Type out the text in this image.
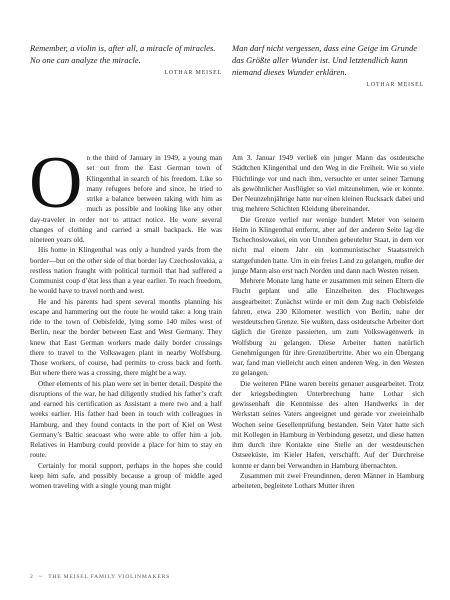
Remember, a violin is, after all, a miracle of miracles. No one can analyze the miracle.
LOTHAR MEISEL
Man darf nicht vergessen, dass eine Geige im Grunde das Größte aller Wunder ist. Und letztendlich kann niemand dieses Wunder erklären.
LOTHAR MEISEL

On the third of January in 1949, a young man set out from the East German town of Klingenthal in search of his freedom. Like so many refugees before and since, he tried to strike a balance between taking with him as much as possible and looking like any other day-traveler in order not to attract notice. He wore several changes of clothing and carried a small backpack. He was nineteen years old.

His home in Klingenthal was only a hundred yards from the border—but on the other side of that border lay Czechoslovakia, a restless nation fraught with political turmoil that had suffered a Communist coup d’état less than a year earlier. To reach freedom, he would have to travel north and west.

He and his parents had spent several months planning his escape and hammering out the route he would take: a long train ride to the town of Oebisfelde, lying some 140 miles west of Berlin, near the border between East and West Germany. They knew that East German workers made daily border crossings there to travel to the Volkswagen plant in nearby Wolfsburg. Those workers, of course, had permits to cross back and forth. But where there was a crossing, there might be a way.

Other elements of his plan were set in better detail. Despite the disruptions of the war, he had diligently studied his father’s craft and earned his certification as Assistant a mere two and a half weeks earlier. His father had been in touch with colleagues in Hamburg, and they found contacts in the port of Kiel on West Germany’s Baltic seacoast who were able to offer him a job. Relatives in Hamburg could provide a place for him to stay en route.

Certainly for moral support, perhaps in the hopes she could keep him safe, and possibly because a group of middle aged women traveling with a single young man might

Am 3. Januar 1949 verließ ein junger Mann das ostdeutsche Städtchen Klingenthal und den Weg in die Freiheit. Wie so viele Flüchtlinge vor und nach ihm, versuchte er unter seiner Tarnung als gewöhnlicher Ausflügler so viel mitzunehmen, wie er konnte. Der Neunzehnjährige hatte nur einen kleinen Rucksack dabei und trug mehrere Schichten Kleidung übereinander.

Die Grenze verlief nur wenige hundert Meter von seinem Heim in Klingenthal entfernt, aber auf der anderen Seite lag die Tschechoslowakei, ein von Unruhen gebeutelter Staat, in dem vor nicht mal einem Jahr ein kommunistischer Staatsstreich stattgefunden hatte. Um in ein freies Land zu gelangen, mußte der junge Mann also erst nach Norden und dann nach Westen reisen.

Mehrere Monate lang hatte er zusammen mit seinen Eltern die Flucht geplant und alle Einzelheiten des Fluchtweges ausgearbeitet: Zunächst würde er mit dem Zug nach Oebisfelde fahren, etwa 230 Kilometer westlich von Berlin, nahe der westdeutschen Grenze. Sie wußten, dass ostdeutsche Arbeiter dort täglich die Grenze passierten, um zum Volkswagenwerk in Wolfsburg zu gelangen. Diese Arbeiter hatten natürlich Genehmigungen für ihre Grenzübertritte. Aber wo ein Übergang war, fand man vielleicht auch einen anderen Weg, in den Westen zu gelangen.

Die weiteren Pläne waren bereits genauer ausgearbeitet. Trotz der kriegsbedingten Unterbrechung hatte Lothar sich gewissenhaft die Kenntnisse des alten Handwerks in der Werkstatt seines Vaters angeeignet und gerade vor zweieinhalb Wochen seine Gesellenprüfung bestanden. Sein Vater hatte sich mit Kollegen in Hamburg in Verbindung gesetzt, und diese hatten ihm durch ihre Kontakte eine Stelle an der westdeutschen Ostseeküste, im Kieler Hafen, verschafft. Auf der Durchreise konnte er dann bei Verwandten in Hamburg übernachten.

Zusammen mit zwei Freundinnen, deren Männer in Hamburg arbeiteten, begleitete Lothars Mutter ihren

2 ~ THE MEISEL FAMILY VIOLINMAKERS
